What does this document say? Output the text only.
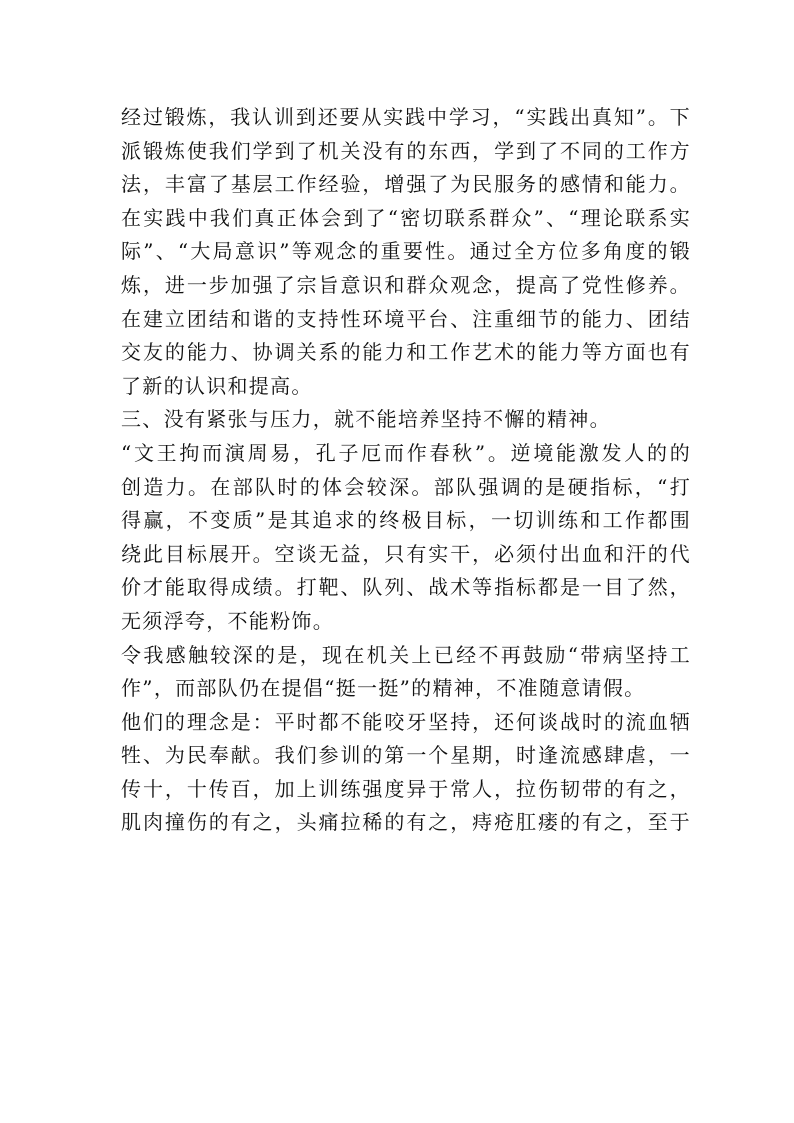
经过锻炼，我认训到还要从实践中学习，“实践出真知”。下
派锻炼使我们学到了机关没有的东西，学到了不同的工作方
法，丰富了基层工作经验，增强了为民服务的感情和能力。
在实践中我们真正体会到了“密切联系群众”、“理论联系实
际”、“大局意识”等观念的重要性。通过全方位多角度的锻
炼，进一步加强了宗旨意识和群众观念，提高了党性修养。
在建立团结和谐的支持性环境平台、注重细节的能力、团结
交友的能力、协调关系的能力和工作艺术的能力等方面也有
了新的认识和提高。
三、没有紧张与压力，就不能培养坚持不懈的精神。
“文王拘而演周易，孔子厄而作春秋”。逆境能激发人的的
创造力。在部队时的体会较深。部队强调的是硬指标，“打
得赢，不变质”是其追求的终极目标，一切训练和工作都围
绕此目标展开。空谈无益，只有实干，必须付出血和汗的代
价才能取得成绩。打靶、队列、战术等指标都是一目了然，
无须浮夸，不能粉饰。
令我感触较深的是，现在机关上已经不再鼓励“带病坚持工
作”，而部队仍在提倡“挺一挺”的精神，不准随意请假。
他们的理念是：平时都不能咬牙坚持，还何谈战时的流血牺
牲、为民奉献。我们参训的第一个星期，时逢流感肆虐，一
传十，十传百，加上训练强度异于常人，拉伤韧带的有之，
肌肉撞伤的有之，头痛拉稀的有之，痔疮肛瘘的有之，至于
